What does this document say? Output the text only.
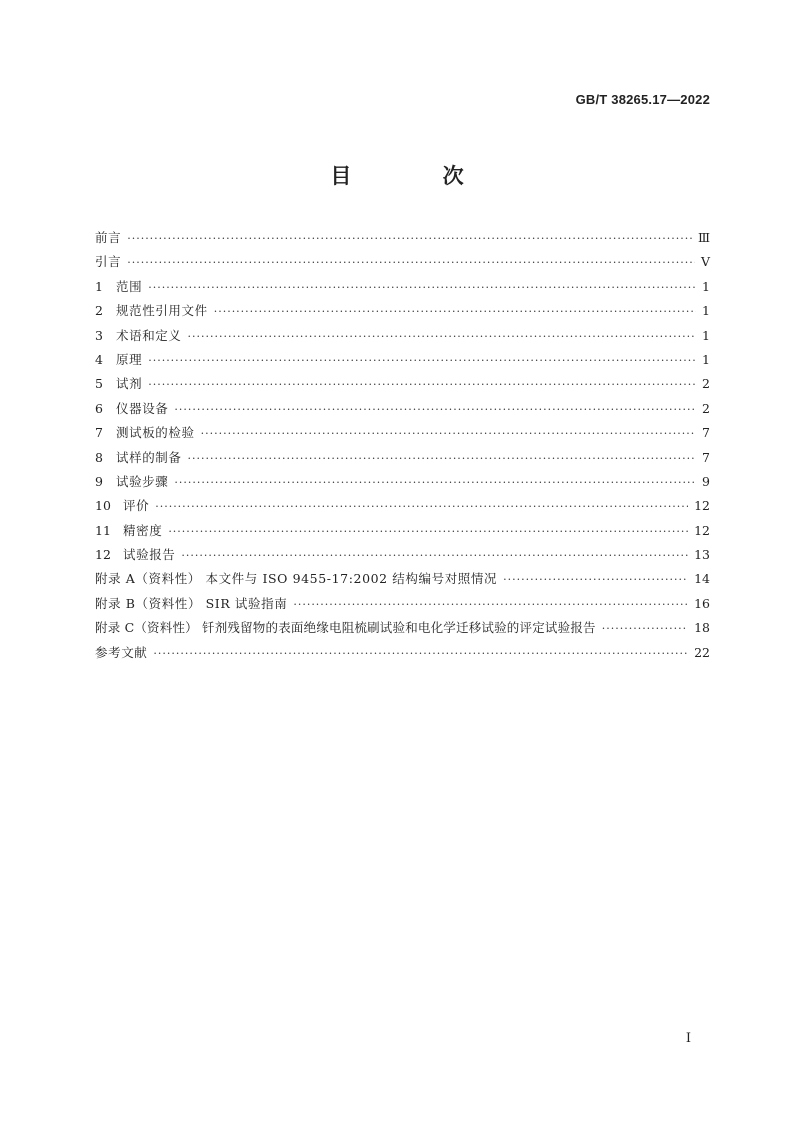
GB/T 38265.17—2022
目 次
前言 ·····	Ⅲ
引言 ·····	Ⅴ
1	范围 ·····	1
2	规范性引用文件 ·····	1
3	术语和定义 ·····	1
4	原理 ·····	1
5	试剂 ·····	2
6	仪器设备 ·····	2
7	测试板的检验 ·····	7
8	试样的制备 ·····	7
9	试验步骤 ·····	9
10 评价 ·····	12
11 精密度 ·····	12
12 试验报告 ·····	13
附录 A（资料性） 本文件与 ISO 9455-17:2002 结构编号对照情况 ·····	14
附录 B（资料性） SIR 试验指南 ·····	16
附录 C（资料性） 钎剂残留物的表面绝缘电阻梳刷试验和电化学迁移试验的评定试验报告 ·····	18
参考文献 ·····	22
I
